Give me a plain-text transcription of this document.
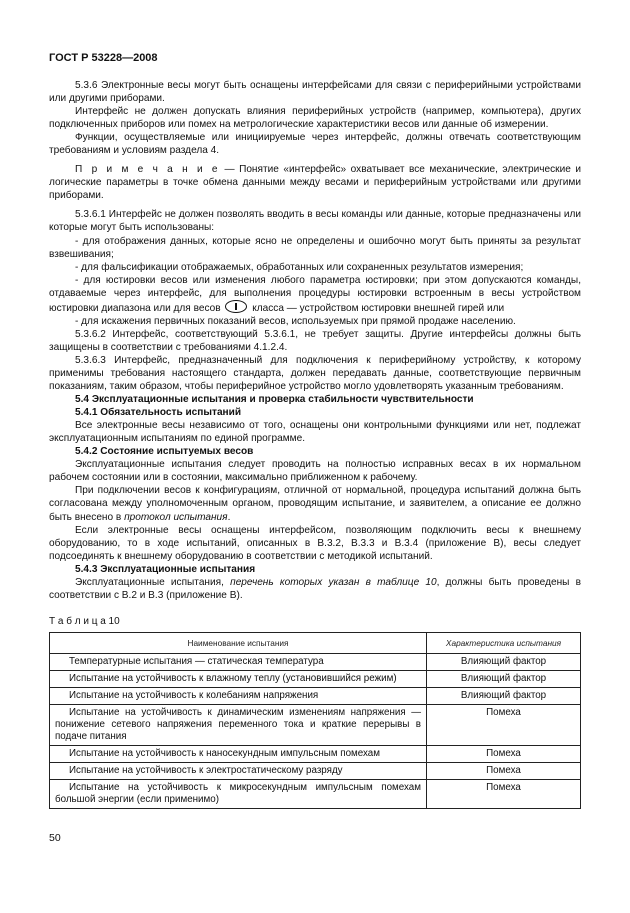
ГОСТ Р 53228—2008

5.3.6 Электронные весы могут быть оснащены интерфейсами для связи с периферийными устройствами или другими приборами.

Интерфейс не должен допускать влияния периферийных устройств (например, компьютера), других подключенных приборов или помех на метрологические характеристики весов или данные об измерении.

Функции, осуществляемые или инициируемые через интерфейс, должны отвечать соответствующим требованиям и условиям раздела 4.

П р и м е ч а н и е — Понятие «интерфейс» охватывает все механические, электрические и логические параметры в точке обмена данными между весами и периферийным устройствами или другими приборами.

5.3.6.1 Интерфейс не должен позволять вводить в весы команды или данные, которые предназначены или которые могут быть использованы:

- для отображения данных, которые ясно не определены и ошибочно могут быть приняты за результат взвешивания;

- для фальсификации отображаемых, обработанных или сохраненных результатов измерения;

- для юстировки весов или изменения любого параметра юстировки; при этом допускаются команды, отдаваемые через интерфейс, для выполнения процедуры юстировки встроенным в весы устройством юстировки диапазона или для весов	класса — устройством юстировки внешней гирей или

- для искажения первичных показаний весов, используемых при прямой продаже населению.

5.3.6.2 Интерфейс, соответствующий 5.3.6.1, не требует защиты. Другие интерфейсы должны быть защищены в соответствии с требованиями 4.1.2.4.

5.3.6.3 Интерфейс, предназначенный для подключения к периферийному устройству, к которому применимы требования настоящего стандарта, должен передавать данные, соответствующие первичным показаниям, таким образом, чтобы периферийное устройство могло удовлетворять указанным требованиям.

5.4 Эксплуатационные испытания и проверка стабильности чувствительности

5.4.1 Обязательность испытаний

Все электронные весы независимо от того, оснащены они контрольными функциями или нет, подлежат эксплуатационным испытаниям по единой программе.

5.4.2 Состояние испытуемых весов

Эксплуатационные испытания следует проводить на полностью исправных весах в их нормальном рабочем состоянии или в состоянии, максимально приближенном к рабочему.

При подключении весов к конфигурациям, отличной от нормальной, процедура испытаний должна быть согласована между уполномоченным органом, проводящим испытание, и заявителем, а описание ее должно быть внесено в протокол испытания.

Если электронные весы оснащены интерфейсом, позволяющим подключить весы к внешнему оборудованию, то в ходе испытаний, описанных в В.3.2, В.3.3 и В.3.4 (приложение В), весы следует подсоединять к внешнему оборудованию в соответствии с методикой испытаний.

5.4.3 Эксплуатационные испытания

Эксплуатационные испытания, перечень которых указан в таблице 10, должны быть проведены в соответствии с В.2 и В.3 (приложение В).

Т а б л и ц а 10
Наименование испытания	Характеристика испытания
Температурные испытания — статическая температура	Влияющий фактор
Испытание на устойчивость к влажному теплу (установившийся режим)	Влияющий фактор
Испытание на устойчивость к колебаниям напряжения	Влияющий фактор
Испытание на устойчивость к динамическим изменениям напряжения — понижение сетевого напряжения переменного тока и краткие перерывы в подаче питания	Помеха
Испытание на устойчивость к наносекундным импульсным помехам	Помеха
Испытание на устойчивость к электростатическому разряду	Помеха
Испытание на устойчивость к микросекундным импульсным помехам большой энергии (если применимо)	Помеха
50
